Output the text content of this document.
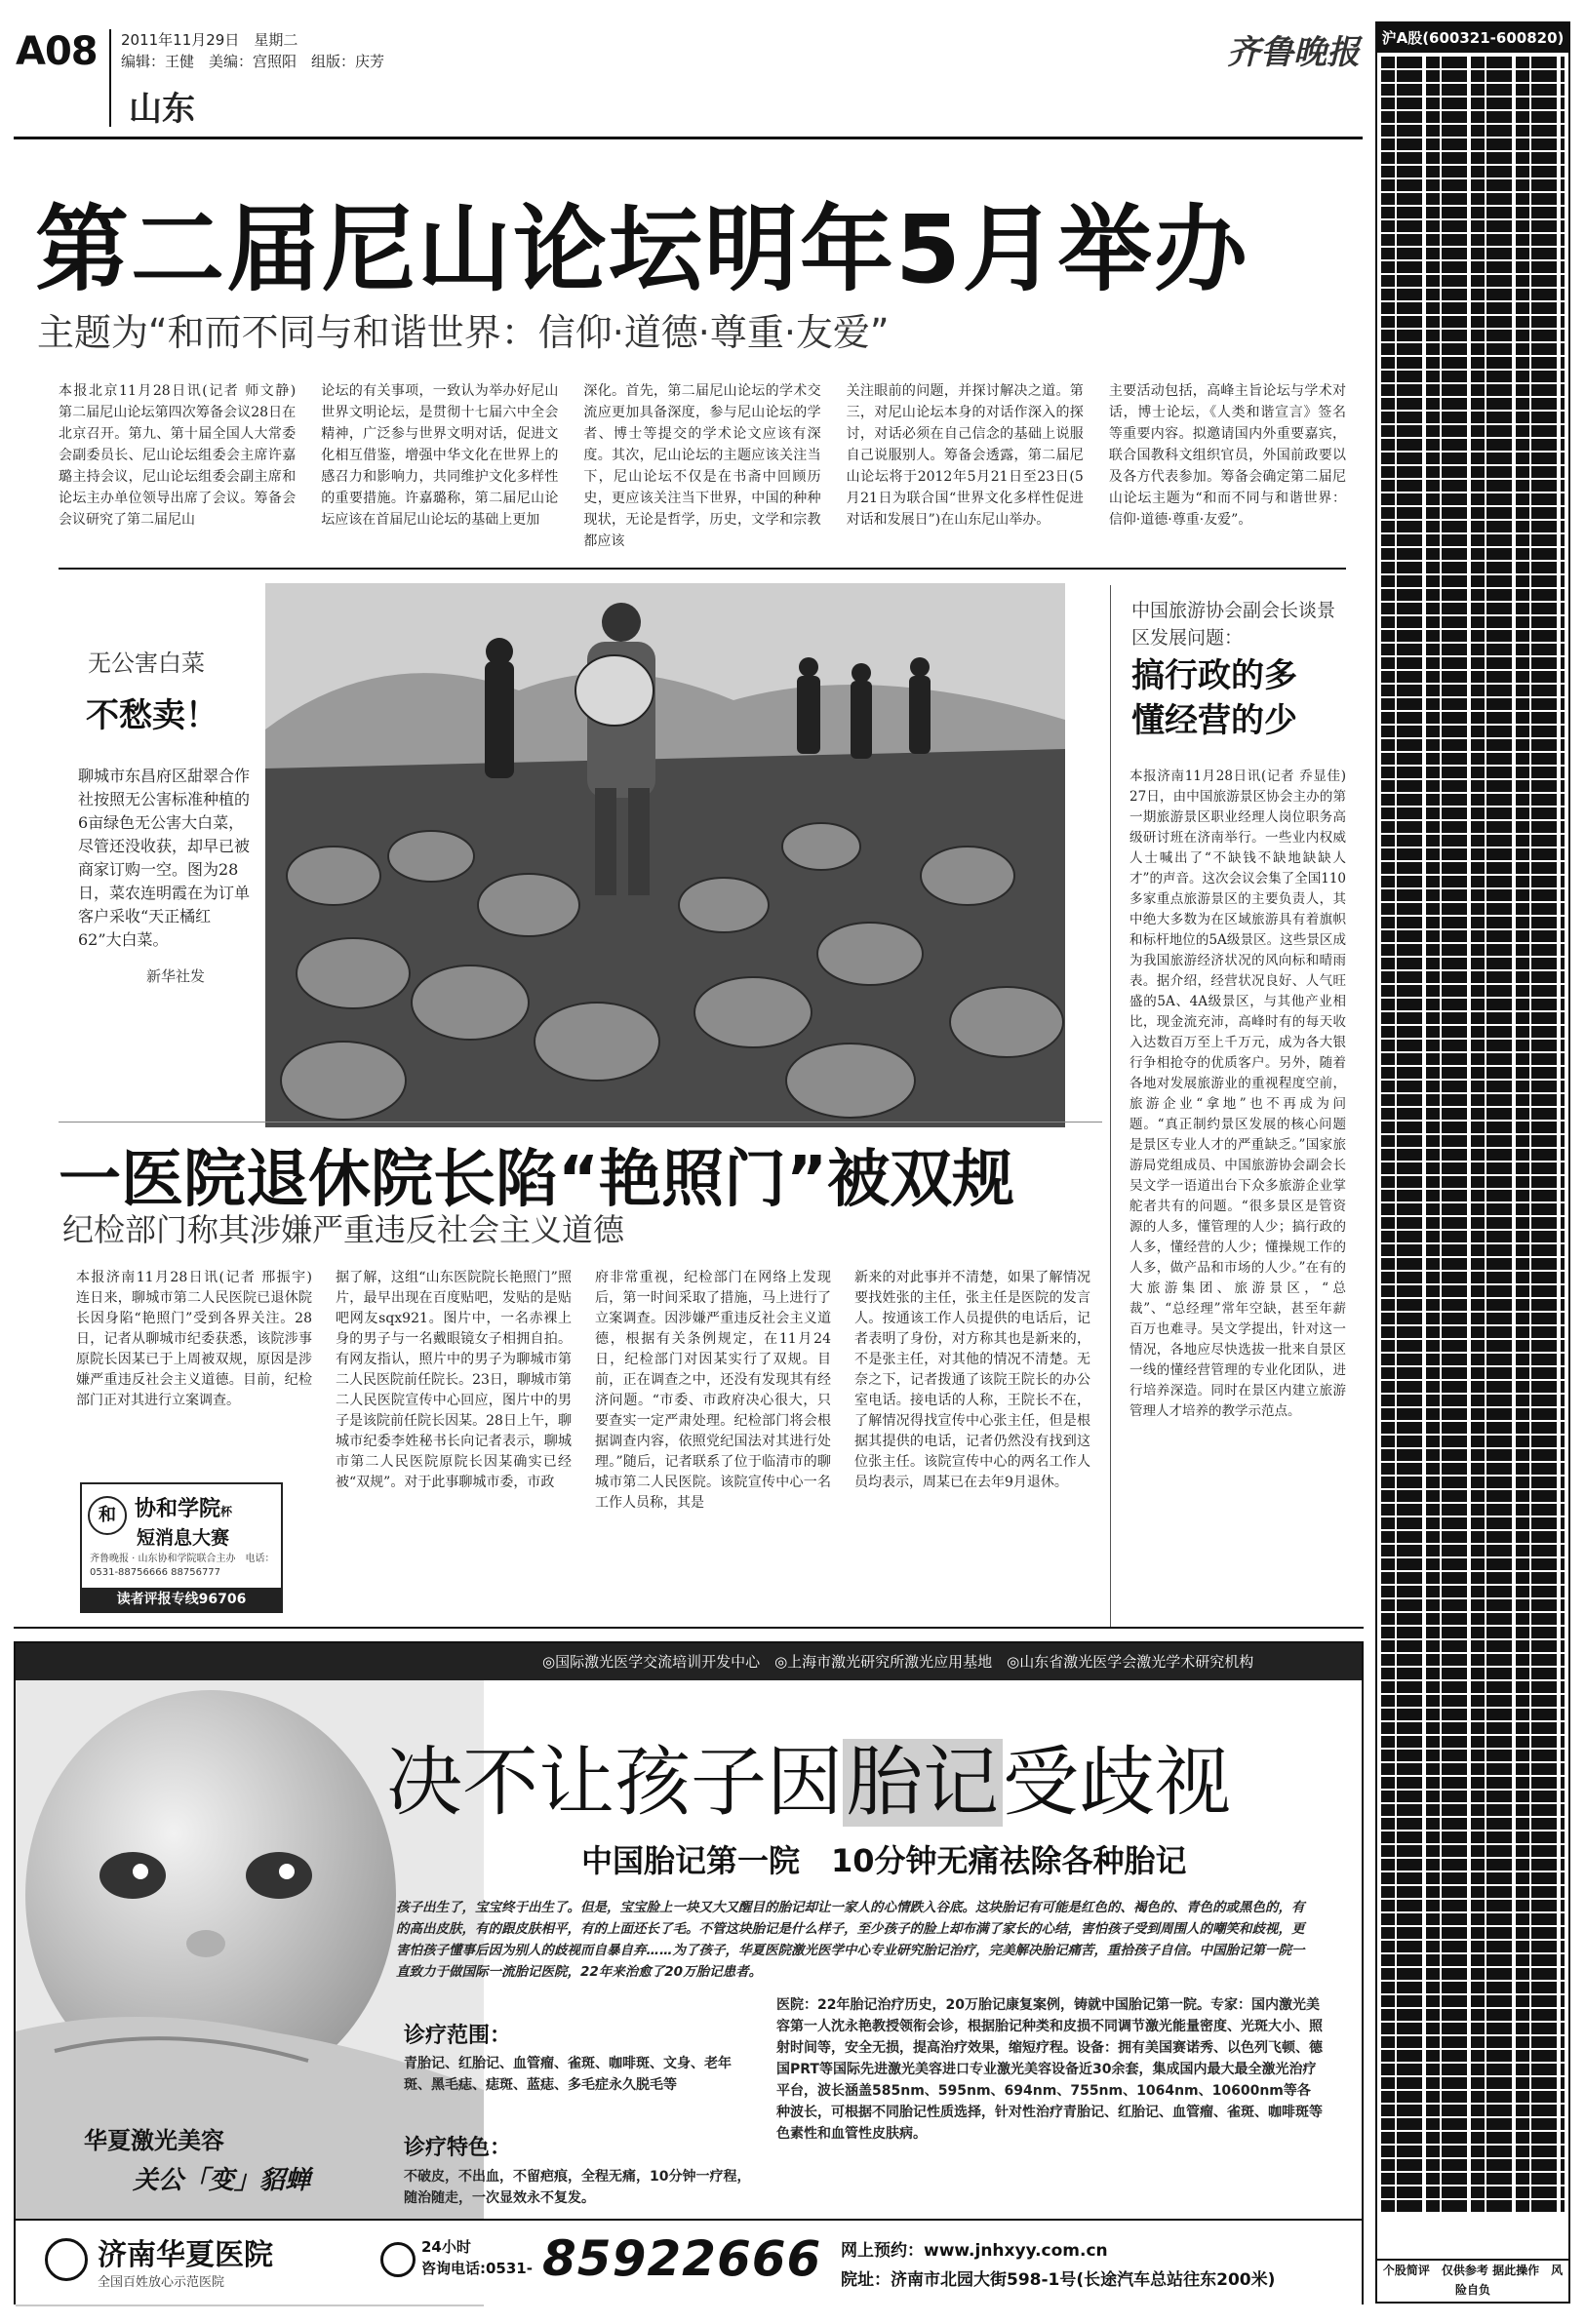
A08 2011年11月29日　星期二
编辑：王健　美编：宫照阳　组版：庆芳
山东
齐鲁晚报
第二届尼山论坛明年5月举办
主题为“和而不同与和谐世界：信仰·道德·尊重·友爱”
本报北京11月28日讯(记者 师文静)　第二届尼山论坛第四次筹备会议28日在北京召开。第九、第十届全国人大常委会副委员长、尼山论坛组委会主席许嘉璐主持会议，尼山论坛组委会副主席和论坛主办单位领导出席了会议。筹备会会议研究了第二届尼山
论坛的有关事项，一致认为举办好尼山世界文明论坛，是贯彻十七届六中全会精神，广泛参与世界文明对话，促进文化相互借鉴，增强中华文化在世界上的感召力和影响力，共同维护文化多样性的重要措施。许嘉璐称，第二届尼山论坛应该在首届尼山论坛的基础上更加
深化。首先，第二届尼山论坛的学术交流应更加具备深度，参与尼山论坛的学者、博士等提交的学术论文应该有深度。其次，尼山论坛的主题应该关注当下，尼山论坛不仅是在书斋中回顾历史，更应该关注当下世界，中国的种种现状，无论是哲学，历史，文学和宗教都应该
关注眼前的问题，并探讨解决之道。第三，对尼山论坛本身的对话作深入的探讨，对话必须在自己信念的基础上说服自己说服别人。筹备会透露，第二届尼山论坛将于2012年5月21日至23日(5月21日为联合国“世界文化多样性促进对话和发展日”)在山东尼山举办。
主要活动包括，高峰主旨论坛与学术对话，博士论坛，《人类和谐宣言》签名等重要内容。拟邀请国内外重要嘉宾，联合国教科文组织官员，外国前政要以及各方代表参加。筹备会确定第二届尼山论坛主题为“和而不同与和谐世界：信仰·道德·尊重·友爱”。
无公害白菜
不愁卖！
聊城市东昌府区甜翠合作社按照无公害标准种植的6亩绿色无公害大白菜，尽管还没收获，却早已被商家订购一空。图为28日，菜农连明霞在为订单客户采收“天正橘红62”大白菜。
新华社发
中国旅游协会副会长谈景区发展问题：
搞行政的多懂经营的少
本报济南11月28日讯(记者 乔显佳)　27日，由中国旅游景区协会主办的第一期旅游景区职业经理人岗位职务高级研讨班在济南举行。一些业内权威人士喊出了“不缺钱不缺地缺缺人才”的声音。这次会议会集了全国110多家重点旅游景区的主要负责人，其中绝大多数为在区域旅游具有着旗帜和标杆地位的5A级景区。这些景区成为我国旅游经济状况的风向标和晴雨表。据介绍，经营状况良好、人气旺盛的5A、4A级景区，与其他产业相比，现金流充沛，高峰时有的每天收入达数百万至上千万元，成为各大银行争相抢夺的优质客户。另外，随着各地对发展旅游业的重视程度空前，旅游企业“拿地”也不再成为问题。“真正制约景区发展的核心问题是景区专业人才的严重缺乏。”国家旅游局党组成员、中国旅游协会副会长吴文学一语道出台下众多旅游企业掌舵者共有的问题。“很多景区是管资源的人多，懂管理的人少；搞行政的人多，懂经营的人少；懂操规工作的人多，做产品和市场的人少。”在有的大旅游集团、旅游景区，“总裁”、“总经理”常年空缺，甚至年薪百万也难寻。吴文学提出，针对这一情况，各地应尽快选拔一批来自景区一线的懂经营管理的专业化团队，进行培养深造。同时在景区内建立旅游管理人才培养的教学示范点。
一医院退休院长陷“艳照门”被双规
纪检部门称其涉嫌严重违反社会主义道德
本报济南11月28日讯(记者 邢振宇)　连日来，聊城市第二人民医院已退休院长因身陷“艳照门”受到各界关注。28日，记者从聊城市纪委获悉，该院涉事原院长因某已于上周被双规，原因是涉嫌严重违反社会主义道德。目前，纪检部门正对其进行立案调查。
据了解，这组“山东医院院长艳照门”照片，最早出现在百度贴吧，发贴的是贴吧网友sqx921。图片中，一名赤裸上身的男子与一名戴眼镜女子相拥自拍。有网友指认，照片中的男子为聊城市第二人民医院前任院长。23日，聊城市第二人民医院宣传中心回应，图片中的男子是该院前任院长因某。28日上午，聊城市纪委李姓秘书长向记者表示，聊城市第二人民医院原院长因某确实已经被“双规”。对于此事聊城市委，市政
府非常重视，纪检部门在网络上发现后，第一时间采取了措施，马上进行了立案调查。因涉嫌严重违反社会主义道德，根据有关条例规定，在11月24日，纪检部门对因某实行了双规。目前，正在调查之中，还没有发现其有经济问题。“市委、市政府决心很大，只要查实一定严肃处理。纪检部门将会根据调查内容，依照党纪国法对其进行处理。”随后，记者联系了位于临清市的聊城市第二人民医院。该院宣传中心一名工作人员称，其是
新来的对此事并不清楚，如果了解情况要找姓张的主任，张主任是医院的发言人。按通该工作人员提供的电话后，记者表明了身份，对方称其也是新来的，不是张主任，对其他的情况不清楚。无奈之下，记者拨通了该院王院长的办公室电话。接电话的人称，王院长不在，了解情况得找宣传中心张主任，但是根据其提供的电话，记者仍然没有找到这位张主任。该院宣传中心的两名工作人员均表示，周某已在去年9月退休。
和 协和学院杯
短消息大赛
齐鲁晚报 · 山东协和学院联合主办　电话：0531-88756666 88756777
读者评报专线96706
沪A股(600321-600820)
个股简评　仅供参考 据此操作　风险自负
◎国际激光医学交流培训开发中心　◎上海市激光研究所激光应用基地　◎山东省激光医学会激光学术研究机构
决不让孩子因胎记受歧视
中国胎记第一院　10分钟无痛祛除各种胎记
孩子出生了，宝宝终于出生了。但是，宝宝脸上一块又大又醒目的胎记却让一家人的心情跌入谷底。这块胎记有可能是红色的、褐色的、青色的或黑色的，有的高出皮肤，有的跟皮肤相平，有的上面还长了毛。不管这块胎记是什么样子，至少孩子的脸上却布满了家长的心结，害怕孩子受到周围人的嘲笑和歧视，更害怕孩子懂事后因为别人的歧视而自暴自弃……为了孩子，华夏医院激光医学中心专业研究胎记治疗，完美解决胎记痛苦，重拾孩子自信。中国胎记第一院一直致力于做国际一流胎记医院，22年来治愈了20万胎记患者。
诊疗范围：
青胎记、红胎记、血管瘤、雀斑、咖啡斑、文身、老年斑、黑毛痣、痣斑、蓝痣、多毛症永久脱毛等
诊疗特色：
不破皮，不出血，不留疤痕，全程无痛，10分钟一疗程，随治随走，一次显效永不复发。
医院：22年胎记治疗历史，20万胎记康复案例，铸就中国胎记第一院。专家：国内激光美容第一人沈永艳教授领衔会诊，根据胎记种类和皮损不同调节激光能量密度、光斑大小、照射时间等，安全无损，提高治疗效果，缩短疗程。设备：拥有美国赛诺秀、以色列飞顿、德国PRT等国际先进激光美容进口专业激光美容设备近30余套，集成国内最大最全激光治疗平台，波长涵盖585nm、595nm、694nm、755nm、1064nm、10600nm等各种波长，可根据不同胎记性质选择，针对性治疗青胎记、红胎记、血管瘤、雀斑、咖啡斑等色素性和血管性皮肤病。
华夏激光美容
关公「变」貂蝉
济南华夏医院
全国百姓放心示范医院
24小时
咨询电话:0531- 85922666 网上预约：www.jnhxyy.com.cn
院址：济南市北园大街598-1号(长途汽车总站往东200米)
